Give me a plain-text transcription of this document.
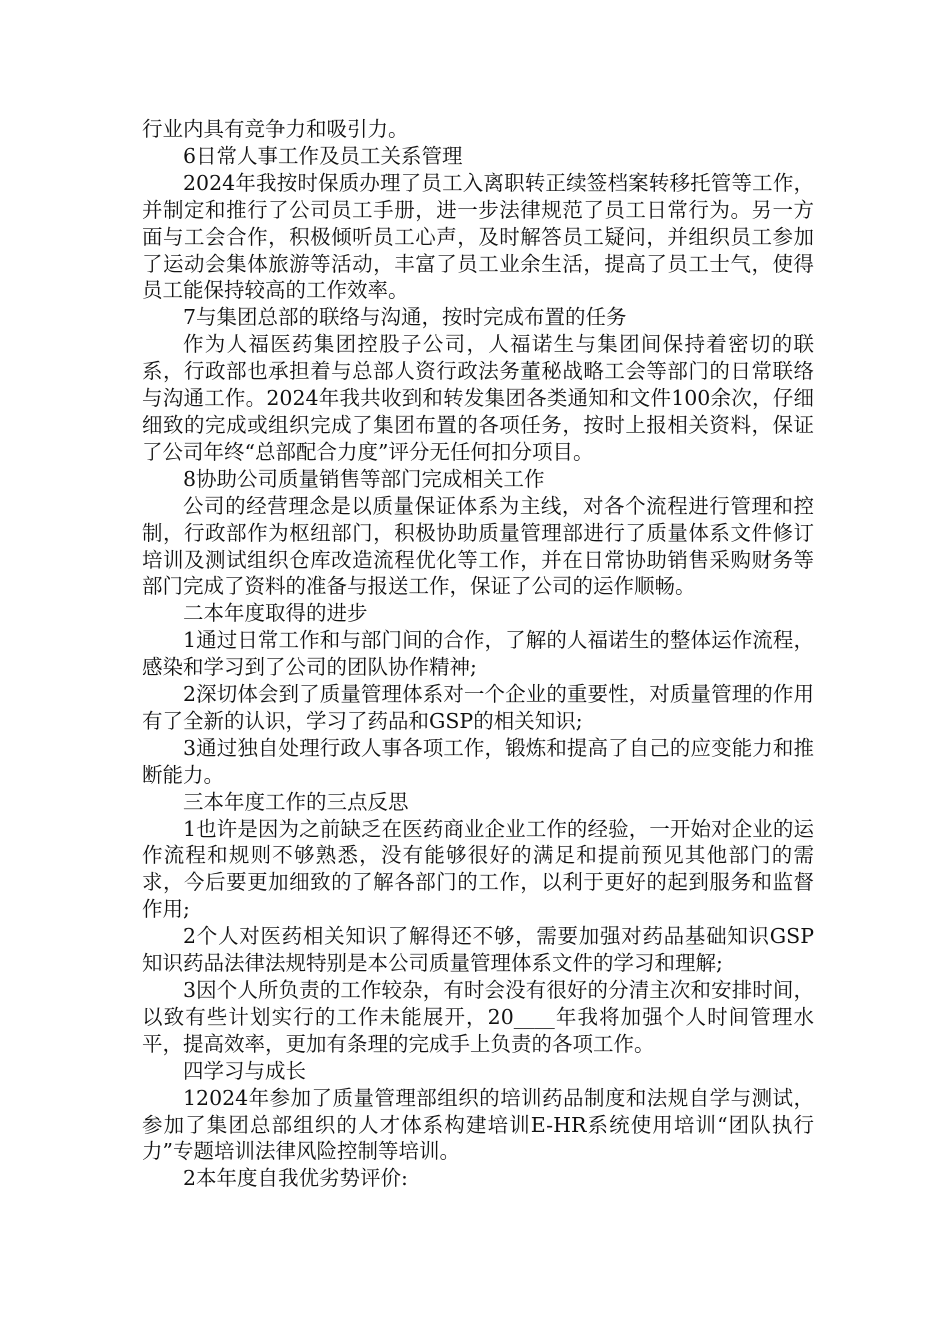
行业内具有竞争力和吸引力。

6日常人事工作及员工关系管理

2024年我按时保质办理了员工入离职转正续签档案转移托管等工作，并制定和推行了公司员工手册，进一步法律规范了员工日常行为。另一方面与工会合作，积极倾听员工心声，及时解答员工疑问，并组织员工参加了运动会集体旅游等活动，丰富了员工业余生活，提高了员工士气，使得员工能保持较高的工作效率。

7与集团总部的联络与沟通，按时完成布置的任务

作为人福医药集团控股子公司，人福诺生与集团间保持着密切的联系，行政部也承担着与总部人资行政法务董秘战略工会等部门的日常联络与沟通工作。2024年我共收到和转发集团各类通知和文件100余次，仔细细致的完成或组织完成了集团布置的各项任务，按时上报相关资料，保证了公司年终“总部配合力度”评分无任何扣分项目。

8协助公司质量销售等部门完成相关工作

公司的经营理念是以质量保证体系为主线，对各个流程进行管理和控制，行政部作为枢纽部门，积极协助质量管理部进行了质量体系文件修订培训及测试组织仓库改造流程优化等工作，并在日常协助销售采购财务等部门完成了资料的准备与报送工作，保证了公司的运作顺畅。

二本年度取得的进步

1通过日常工作和与部门间的合作，了解的人福诺生的整体运作流程，感染和学习到了公司的团队协作精神;

2深切体会到了质量管理体系对一个企业的重要性，对质量管理的作用有了全新的认识，学习了药品和GSP的相关知识;

3通过独自处理行政人事各项工作，锻炼和提高了自己的应变能力和推断能力。

三本年度工作的三点反思

1也许是因为之前缺乏在医药商业企业工作的经验，一开始对企业的运作流程和规则不够熟悉，没有能够很好的满足和提前预见其他部门的需求，今后要更加细致的了解各部门的工作，以利于更好的起到服务和监督作用;

2个人对医药相关知识了解得还不够，需要加强对药品基础知识GSP知识药品法律法规特别是本公司质量管理体系文件的学习和理解;

3因个人所负责的工作较杂，有时会没有很好的分清主次和安排时间，以致有些计划实行的工作未能展开，20____年我将加强个人时间管理水平，提高效率，更加有条理的完成手上负责的各项工作。

四学习与成长

12024年参加了质量管理部组织的培训药品制度和法规自学与测试，参加了集团总部组织的人才体系构建培训E-HR系统使用培训“团队执行力”专题培训法律风险控制等培训。

2本年度自我优劣势评价:
